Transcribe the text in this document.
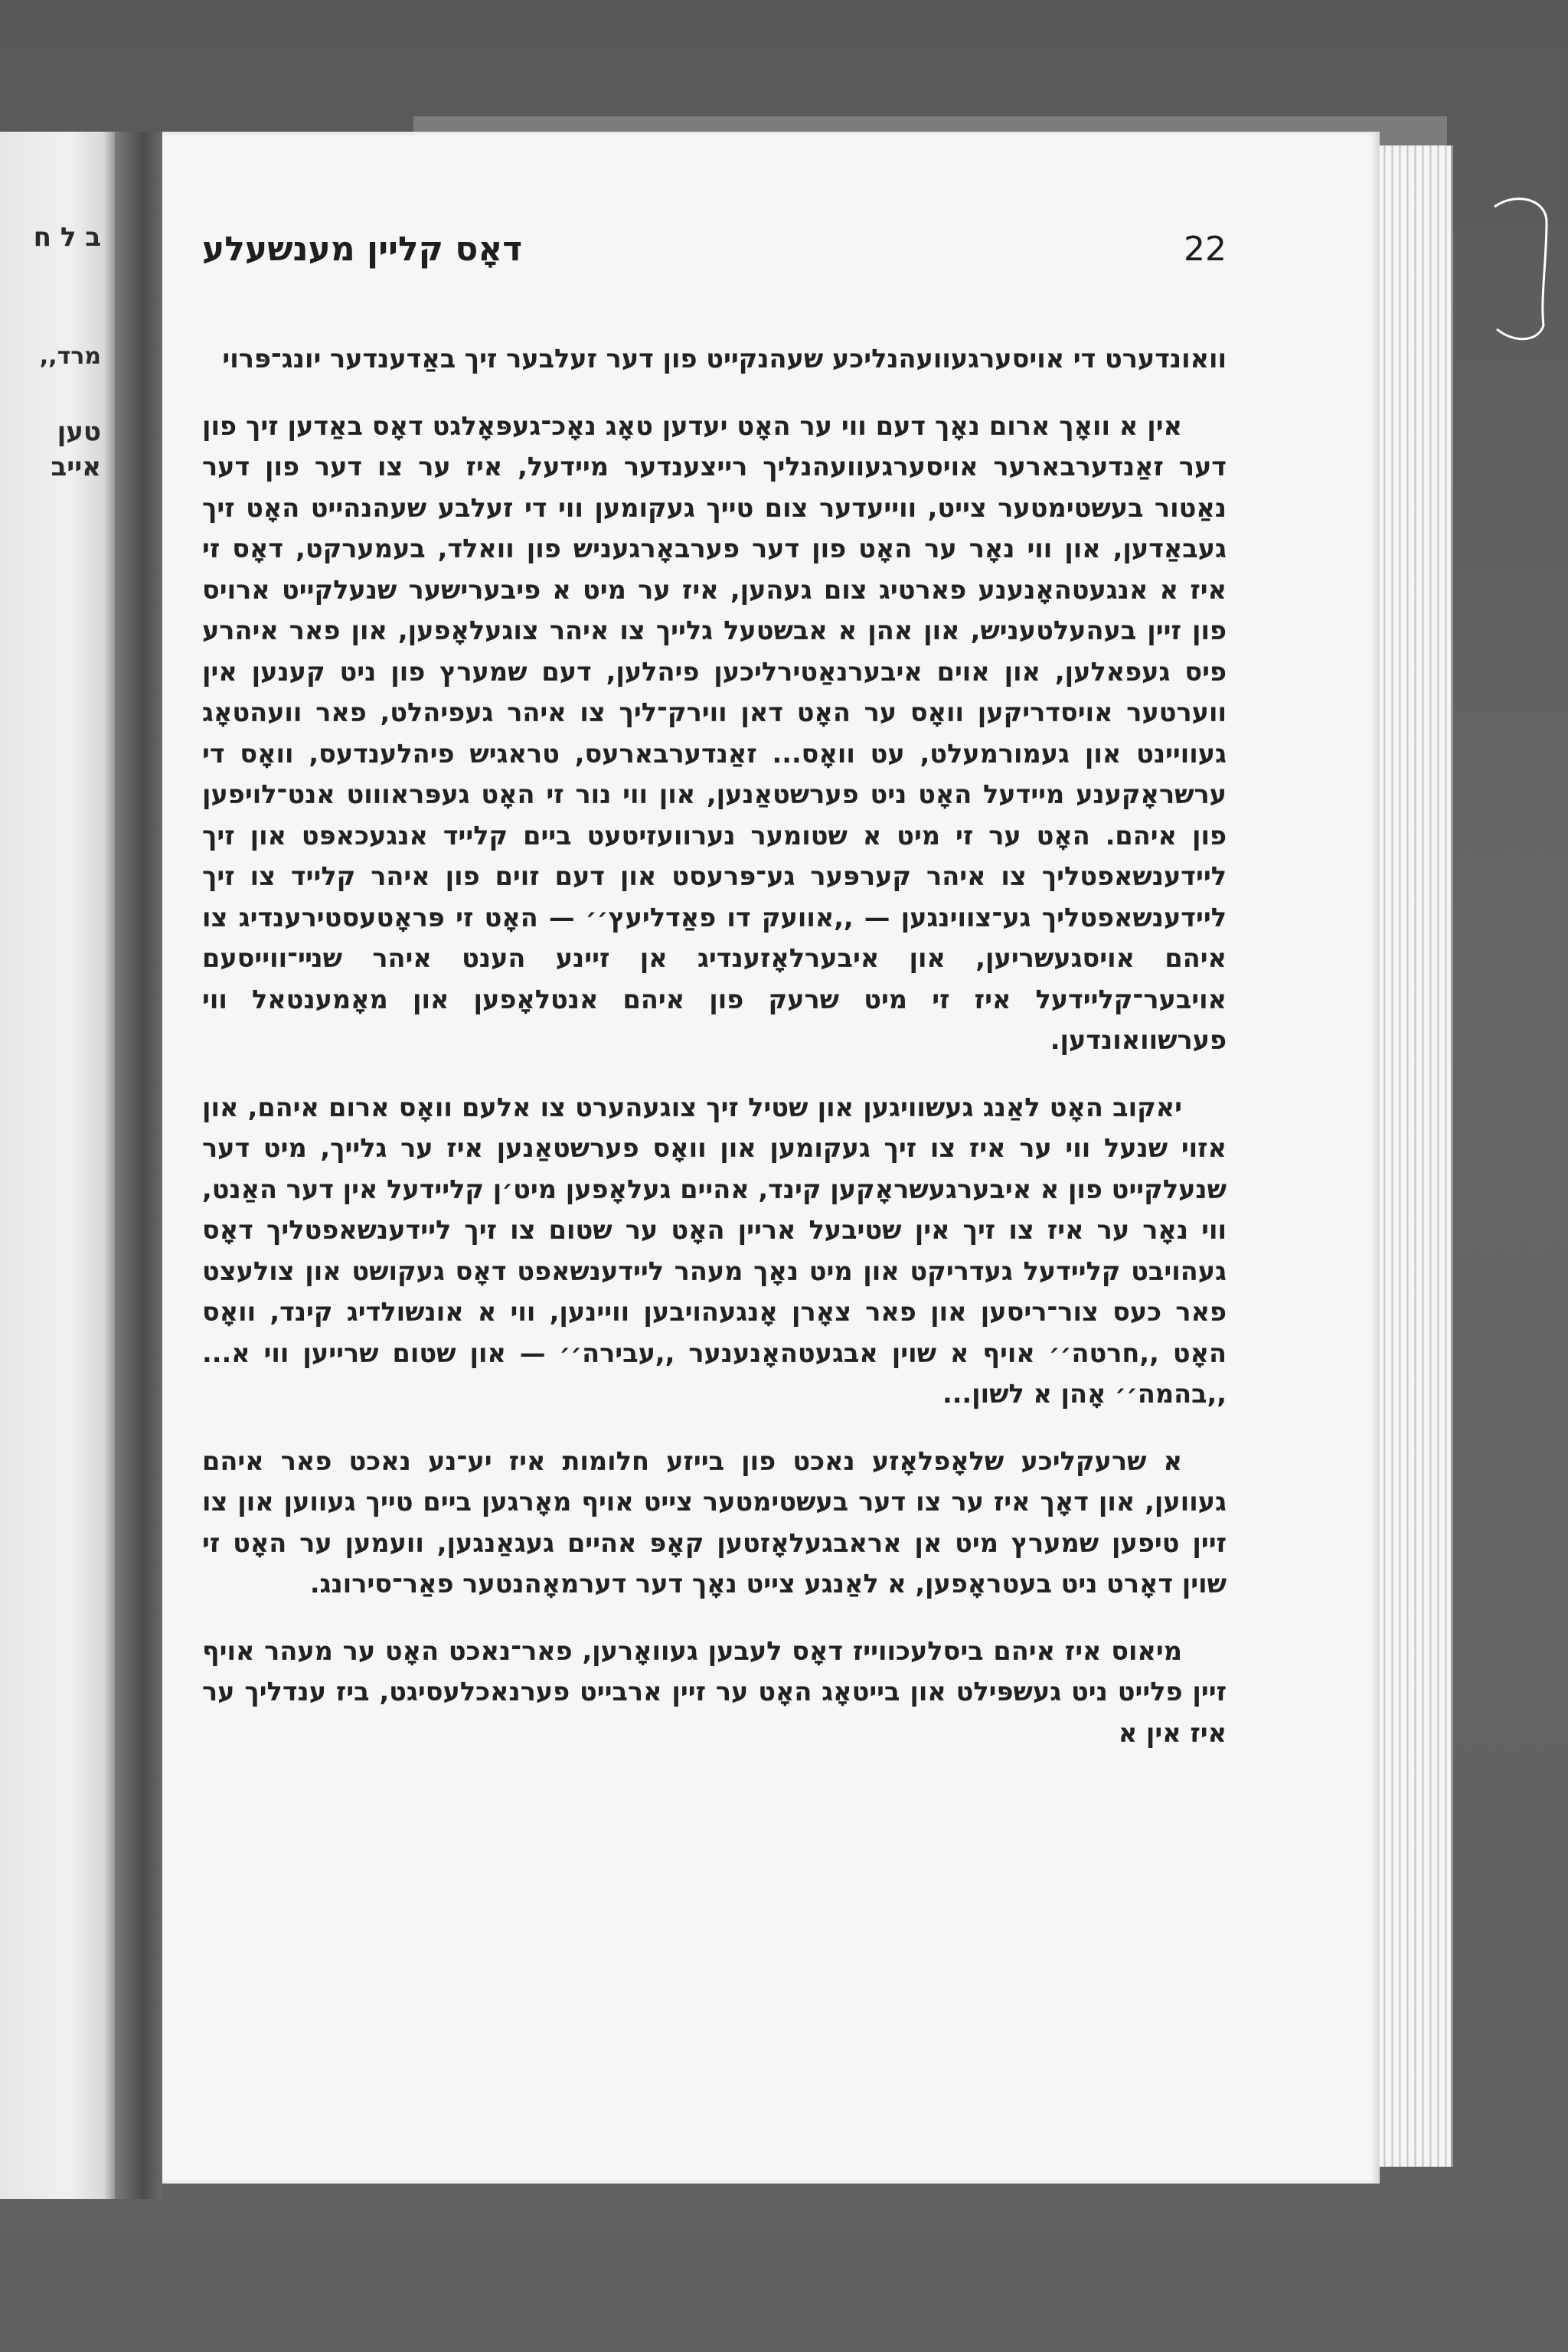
ב ל ח
מרד,,
טען
אייב
22
דאָס קליין מענשעלע

וואונדערט די אויסערגעוועהנליכע שעהנקייט פון דער זעלבער זיך באַדענדער יונג־פּרוי

אין א וואָך ארום נאָך דעם ווי ער האָט יעדען טאָג נאָכ־געפּאָלגט דאָס באַדען זיך פון דער זאַנדערבארער אויסערגעוועהנליך רייצענדער מיידעל, איז ער צו דער פון דער נאַטור בעשטימטער צייט, ווייעדער צום טייך געקומען ווי די זעלבע שעהנהייט האָט זיך געבאַדען, און ווי נאָר ער האָט פון דער פערבאָרגעניש פון וואלד, בעמערקט, דאָס זי איז א אנגעטהאָנענע פארטיג צום געהען, איז ער מיט א פיבערישער שנעלקייט ארויס פון זיין בעהעלטעניש, און אהן א אבשטעל גלייך צו איהר צוגעלאָפען, און פאר איהרע פיס געפאלען, און אוים איבערנאַטירליכען פיהלען, דעם שמערץ פון ניט קענען אין ווערטער אויסדריקען וואָס ער האָט דאן ווירק־ליך צו איהר געפיהלט, פאר וועהטאָג געוויינט און געמורמעלט, עט וואָס... זאַנדערבארעס, טראגיש פיהלענדעס, וואָס די ערשראָקענע מיידעל האָט ניט פערשטאַנען, און ווי נור זי האָט געפּראוווט אנט־לויפען פון איהם. האָט ער זי מיט א שטומער נערוועזיטעט ביים קלייד אנגעכאפּט און זיך ליידענשאפטליך צו איהר קערפּער גע־פּרעסט און דעם זוים פון איהר קלייד צו זיך ליידענשאפטליך גע־צווינגען — ,,אוועק דו פאַדליעץ׳׳ — האָט זי פּראָטעסטירענדיג צו איהם אויסגעשריען, און איבערלאָזענדיג אן זיינע הענט איהר שנײ־ווייסעם אויבער־קליידעל איז זי מיט שרעק פון איהם אנטלאָפען און מאָמענטאל ווי פערשוואונדען.

יאקוב האָט לאַנג געשוויגען און שטיל זיך צוגעהערט צו אלעם וואָס ארום איהם, און אזוי שנעל ווי ער איז צו זיך געקומען און וואָס פערשטאַנען איז ער גלייך, מיט דער שנעלקייט פון א איבערגעשראָקען קינד, אהיים געלאָפען מיט׳ן קליידעל אין דער האַנט, ווי נאָר ער איז צו זיך אין שטיבעל אריין האָט ער שטום צו זיך ליידענשאפטליך דאָס געהויבט קליידעל געדריקט און מיט נאָך מעהר ליידענשאפט דאָס געקושט און צולעצט פאר כעס צור־ריסען און פאר צאָרן אָנגעהויבען וויינען, ווי א אונשולדיג קינד, וואָס האָט ,,חרטה׳׳ אויף א שוין אבגעטהאָנענער ,,עבירה׳׳ — און שטום שרייען ווי א... ,,בהמה׳׳ אָהן א לשון...

א שרעקליכע שלאָפלאָזע נאכט פון בייזע חלומות איז יע־נע נאכט פאר איהם געווען, און דאָך איז ער צו דער בעשטימטער צייט אויף מאָרגען ביים טייך געווען און צו זיין טיפען שמערץ מיט אן אראבגעלאָזטען קאָפּ אהיים געגאַנגען, וועמען ער האָט זי שוין דאָרט ניט בעטראָפען, א לאַנגע צייט נאָך דער דערמאָהנטער פאַר־סירונג.

מיאוס איז איהם ביסלעכווייז דאָס לעבען געוואָרען, פאר־נאכט האָט ער מעהר אויף זיין פלייט ניט געשפּילט און בייטאָג האָט ער זיין ארבייט פערנאכלעסיגט, ביז ענדליך ער איז אין א
